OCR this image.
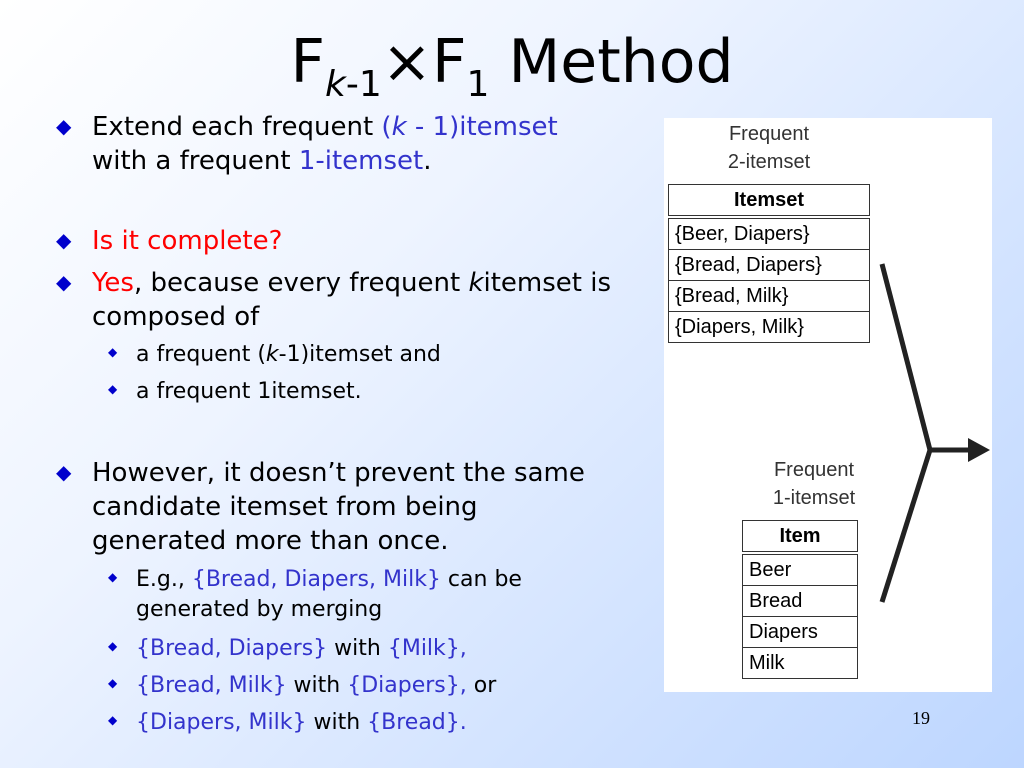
$F_{k-1}\times F_1$ Method
◆ Extend each frequent (k - 1)itemset
with a frequent 1-itemset.
◆ Is it complete?
◆ Yes, because every frequent kitemset is composed of
◆ a frequent (k-1)itemset and
◆ a frequent 1itemset.
◆ However, it doesn’t prevent the same candidate itemset from being generated more than once.
◆ E.g., {Bread, Diapers, Milk} can be generated by merging
◆ {Bread, Diapers} with {Milk},
◆ {Bread, Milk} with {Diapers}, or
◆ {Diapers, Milk} with {Bread}.
Frequent
2-itemset
Itemset
{Beer, Diapers}
{Bread, Diapers}
{Bread, Milk}
{Diapers, Milk}
Frequent
1-itemset
Item
Beer
Bread
Diapers
Milk
19
